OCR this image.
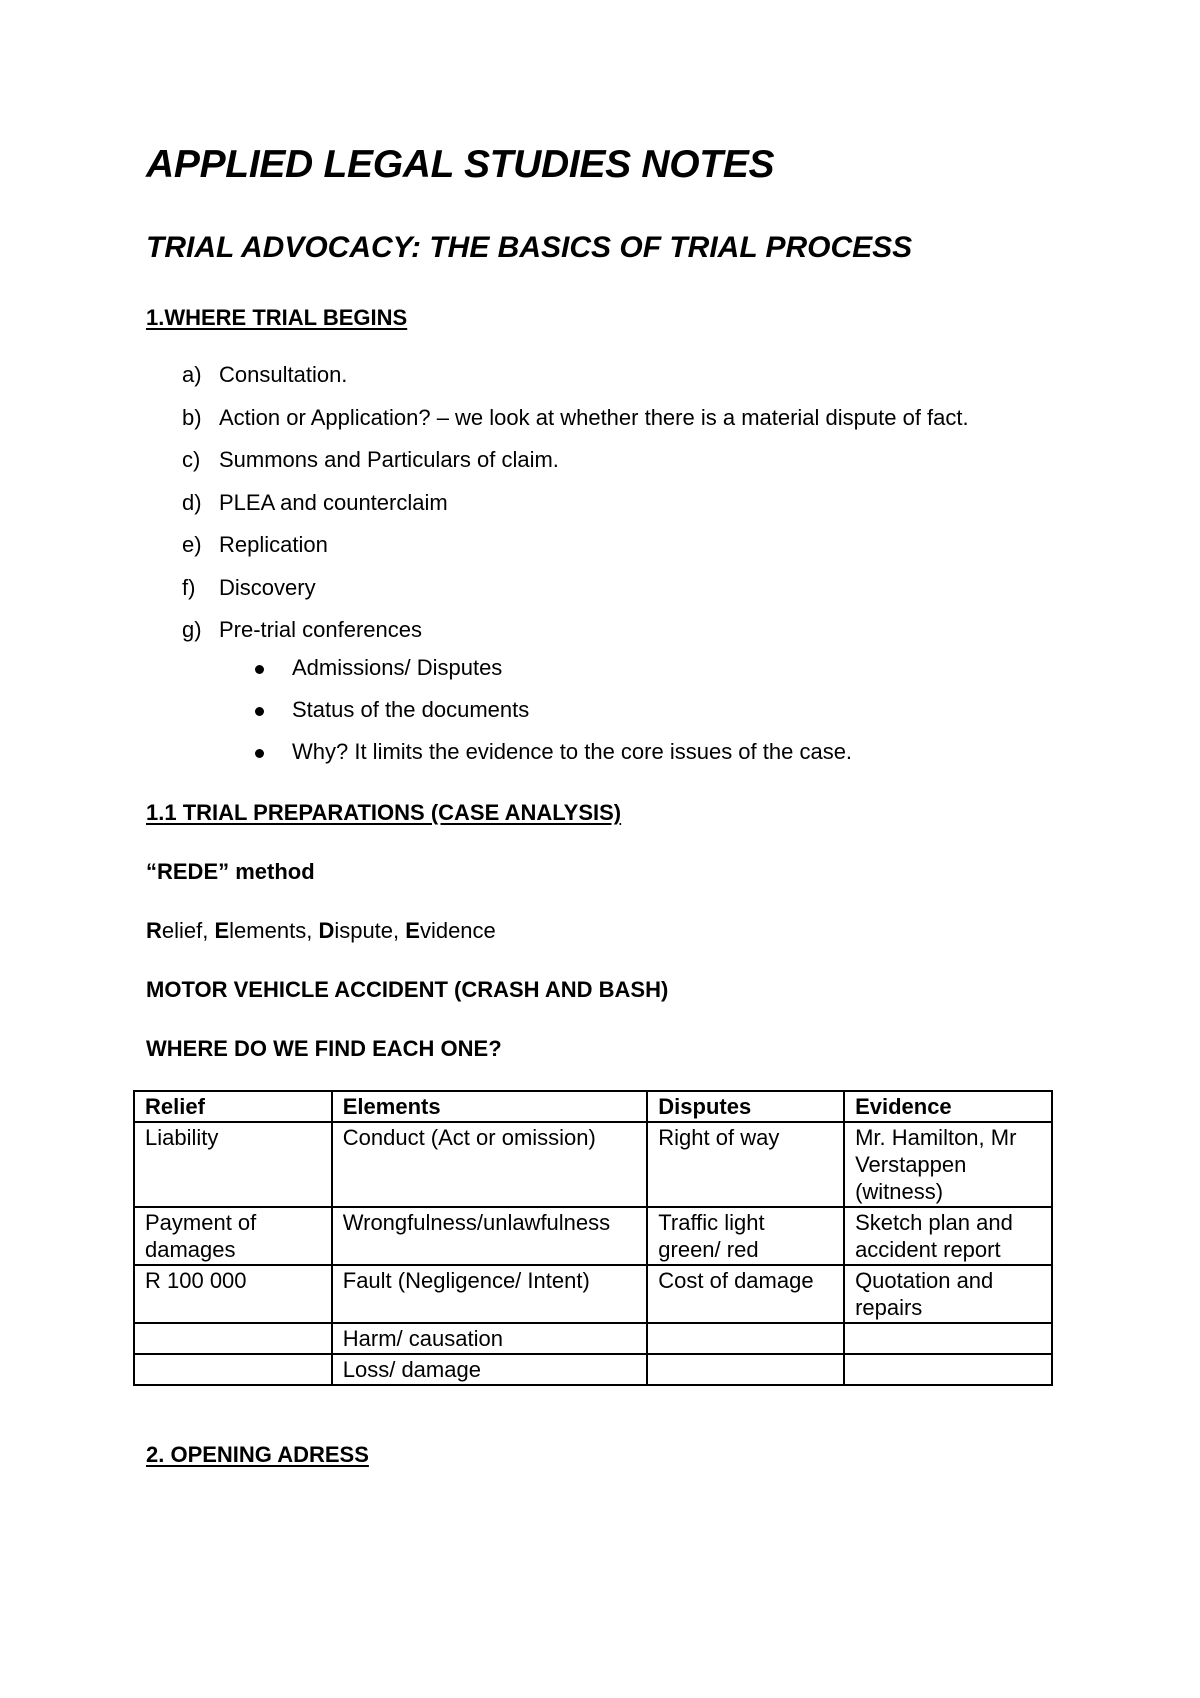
APPLIED LEGAL STUDIES NOTES
TRIAL ADVOCACY: THE BASICS OF TRIAL PROCESS

1.WHERE TRIAL BEGINS

a) Consultation.
b) Action or Application? – we look at whether there is a material dispute of fact.
c) Summons and Particulars of claim.
d) PLEA and counterclaim
e) Replication
f)	Discovery
g) Pre-trial conferences
Admissions/ Disputes
Status of the documents
Why? It limits the evidence to the core issues of the case.

1.1 TRIAL PREPARATIONS (CASE ANALYSIS)

“REDE” method

Relief, Elements, Dispute, Evidence

MOTOR VEHICLE ACCIDENT (CRASH AND BASH)

WHERE DO WE FIND EACH ONE?

Relief	Elements	Disputes	Evidence
Liability	Conduct (Act or omission)	Right of way	Mr. Hamilton, Mr Verstappen (witness)
Payment of damages	Wrongfulness/unlawfulness	Traffic light green/ red	Sketch plan and accident report
R 100 000	Fault (Negligence/ Intent)	Cost of damage	Quotation and repairs
	Harm/ causation		
	Loss/ damage		

2. OPENING ADRESS
